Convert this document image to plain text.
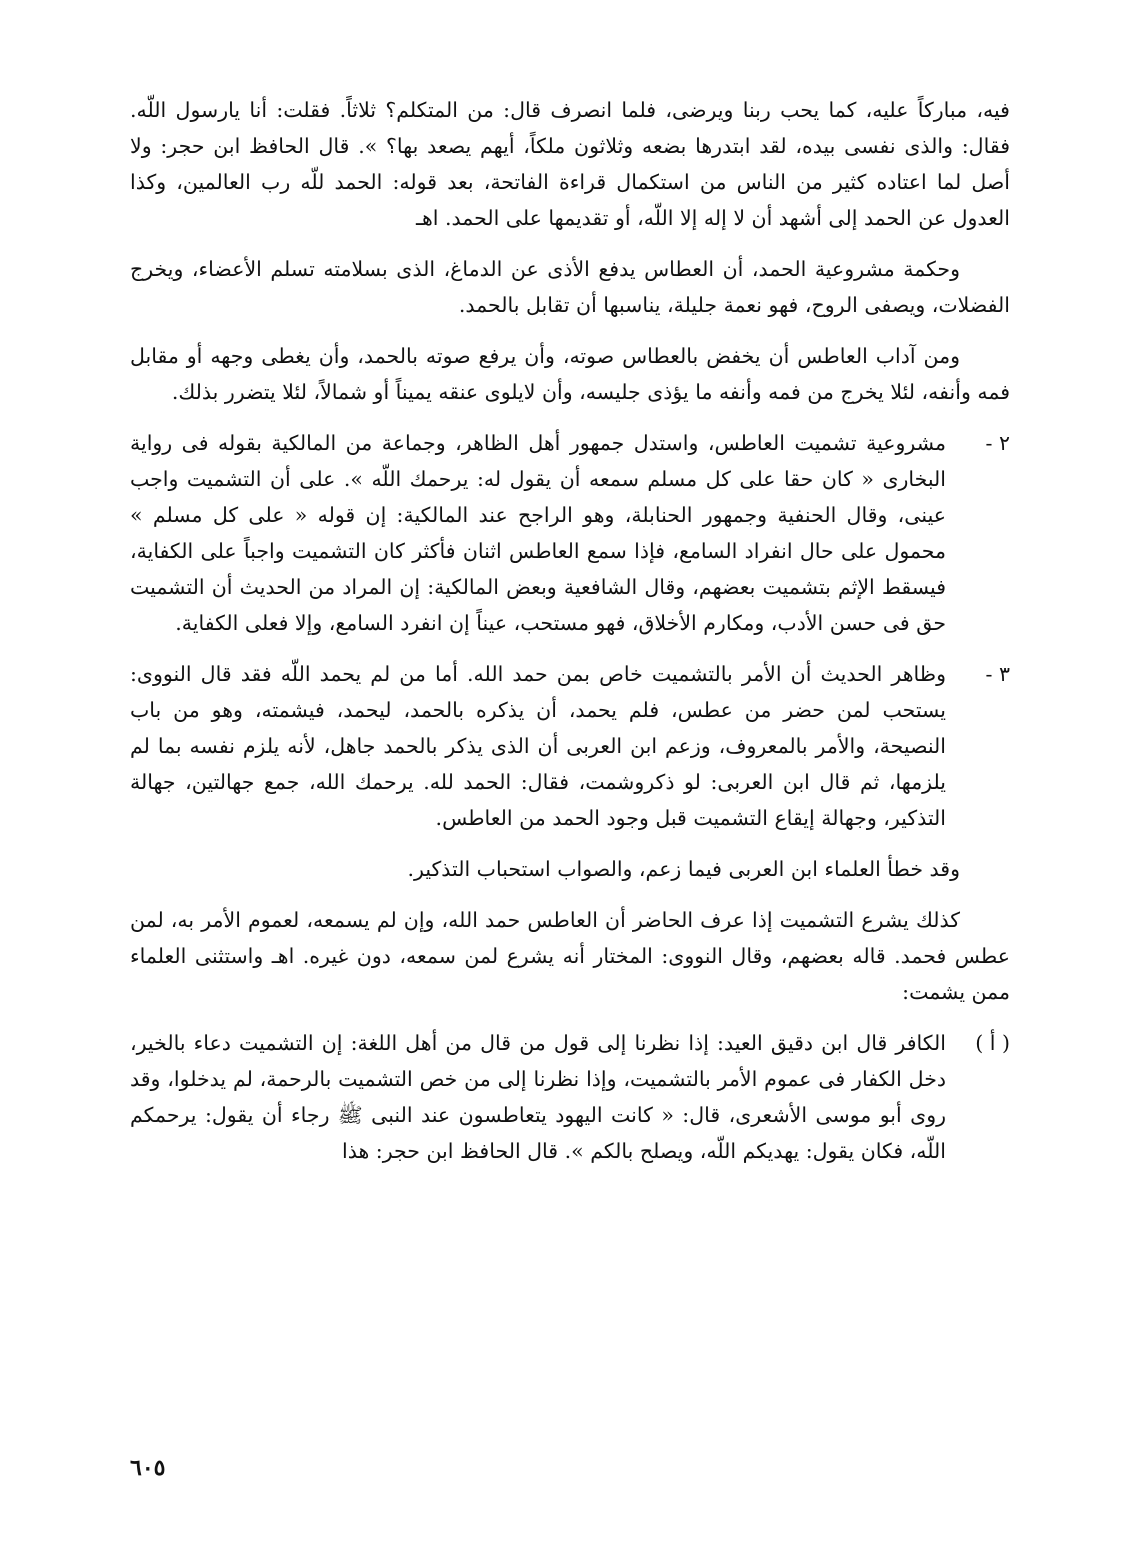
فيه، مباركاً عليه، كما يحب ربنا ويرضى، فلما انصرف قال: من المتكلم؟ ثلاثاً. فقلت: أنا يارسول اللّه. فقال: والذى نفسى بيده، لقد ابتدرها بضعه وثلاثون ملكاً، أيهم يصعد بها؟ ». قال الحافظ ابن حجر: ولا أصل لما اعتاده كثير من الناس من استكمال قراءة الفاتحة، بعد قوله: الحمد للّه رب العالمين، وكذا العدول عن الحمد إلى أشهد أن لا إله إلا اللّه، أو تقديمها على الحمد. اهـ

وحكمة مشروعية الحمد، أن العطاس يدفع الأذى عن الدماغ، الذى بسلامته تسلم الأعضاء، ويخرج الفضلات، ويصفى الروح، فهو نعمة جليلة، يناسبها أن تقابل بالحمد.

ومن آداب العاطس أن يخفض بالعطاس صوته، وأن يرفع صوته بالحمد، وأن يغطى وجهه أو مقابل فمه وأنفه، لئلا يخرج من فمه وأنفه ما يؤذى جليسه، وأن لايلوى عنقه يميناً أو شمالاً، لئلا يتضرر بذلك.

٢ -
مشروعية تشميت العاطس، واستدل جمهور أهل الظاهر، وجماعة من المالكية بقوله فى رواية البخارى « كان حقا على كل مسلم سمعه أن يقول له: يرحمك اللّه ». على أن التشميت واجب عينى، وقال الحنفية وجمهور الحنابلة، وهو الراجح عند المالكية: إن قوله « على كل مسلم » محمول على حال انفراد السامع، فإذا سمع العاطس اثنان فأكثر كان التشميت واجباً على الكفاية، فيسقط الإثم بتشميت بعضهم، وقال الشافعية وبعض المالكية: إن المراد من الحديث أن التشميت حق فى حسن الأدب، ومكارم الأخلاق، فهو مستحب، عيناً إن انفرد السامع، وإلا فعلى الكفاية.
٣ -
وظاهر الحديث أن الأمر بالتشميت خاص بمن حمد الله. أما من لم يحمد اللّه فقد قال النووى: يستحب لمن حضر من عطس، فلم يحمد، أن يذكره بالحمد، ليحمد، فيشمته، وهو من باب النصيحة، والأمر بالمعروف، وزعم ابن العربى أن الذى يذكر بالحمد جاهل، لأنه يلزم نفسه بما لم يلزمها، ثم قال ابن العربى: لو ذكروشمت، فقال: الحمد لله. يرحمك الله، جمع جهالتين، جهالة التذكير، وجهالة إيقاع التشميت قبل وجود الحمد من العاطس.

وقد خطأ العلماء ابن العربى فيما زعم، والصواب استحباب التذكير.

كذلك يشرع التشميت إذا عرف الحاضر أن العاطس حمد الله، وإن لم يسمعه، لعموم الأمر به، لمن عطس فحمد. قاله بعضهم، وقال النووى: المختار أنه يشرع لمن سمعه، دون غيره. اهـ واستثنى العلماء ممن يشمت:

( أ )
الكافر قال ابن دقيق العيد: إذا نظرنا إلى قول من قال من أهل اللغة: إن التشميت دعاء بالخير، دخل الكفار فى عموم الأمر بالتشميت، وإذا نظرنا إلى من خص التشميت بالرحمة، لم يدخلوا، وقد روى أبو موسى الأشعرى، قال: « كانت اليهود يتعاطسون عند النبى ﷺ رجاء أن يقول: يرحمكم اللّه، فكان يقول: يهديكم اللّه، ويصلح بالكم ». قال الحافظ ابن حجر: هذا
٦٠٥
